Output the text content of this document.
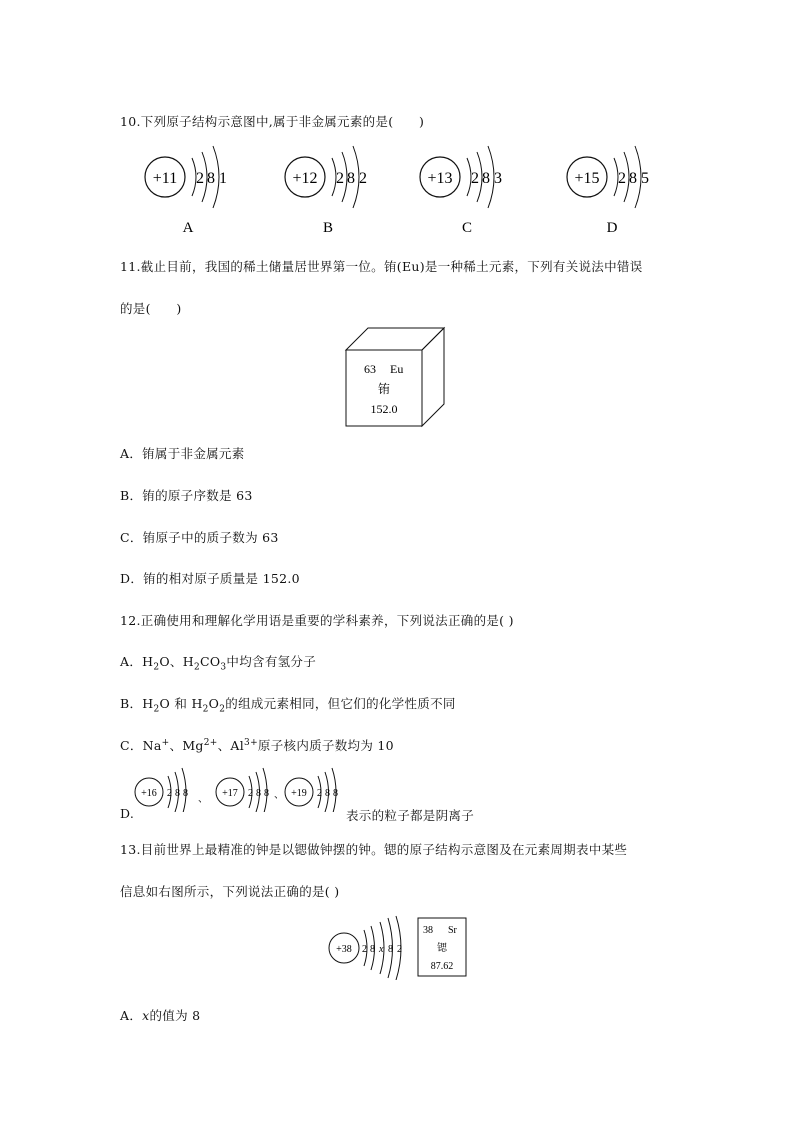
10.下列原子结构示意图中,属于非金属元素的是(　　)
+11 2 8 1
A
+12 2 8 2
B
+13 2 8 3
C
+15 2 8 5
D
11.截止目前，我国的稀土储量居世界第一位。铕(Eu)是一种稀土元素，下列有关说法中错误
的是(　　)
63 Eu
铕
152.0
A．铕属于非金属元素
B．铕的原子序数是 63
C．铕原子中的质子数为 63
D．铕的相对原子质量是 152.0
12.正确使用和理解化学用语是重要的学科素养，下列说法正确的是( )
A．$H_2O$、$H_2CO_3$中均含有氢分子
B．$H_2O$ 和 $H_2O_2$的组成元素相同，但它们的化学性质不同
C．Na+、$Mg^{2+}$、$Al^{3+}$原子核内质子数均为 10
D.
+16 2 8 8
、
+17 2 8 8 、 +19 2 8 8
表示的粒子都是阴离子
13.目前世界上最精准的钟是以锶做钟摆的钟。锶的原子结构示意图及在元素周期表中某些
信息如右图所示，下列说法正确的是( )
+38 2 8 x 8 2
38 Sr
锶
87.62
A．x的值为 8
